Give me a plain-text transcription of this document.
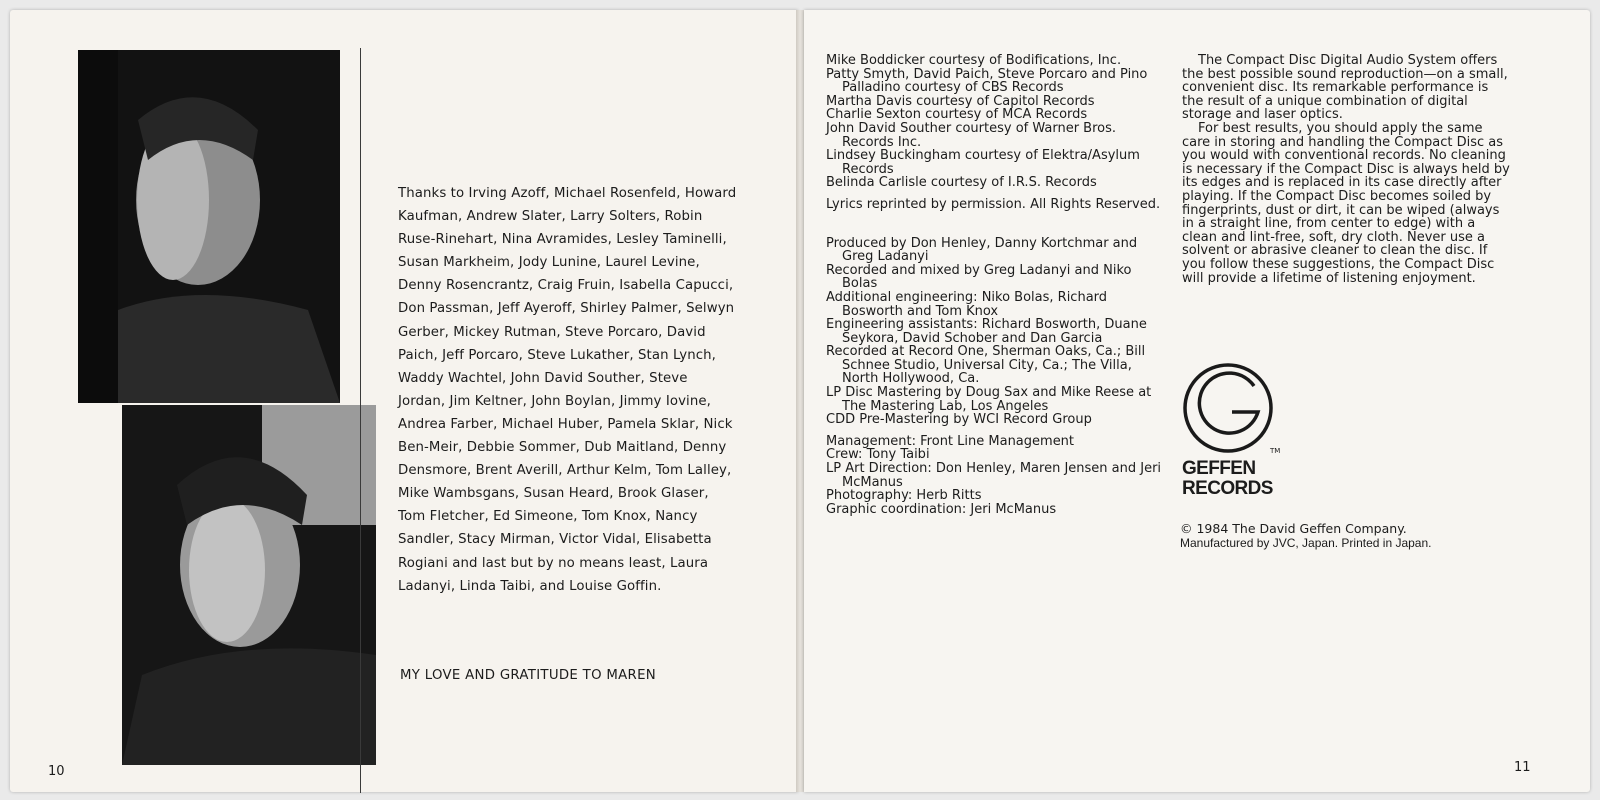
Thanks to Irving Azoff, Michael Rosenfeld, Howard Kaufman, Andrew Slater, Larry Solters, Robin Ruse-Rinehart, Nina Avramides, Lesley Taminelli, Susan Markheim, Jody Lunine, Laurel Levine, Denny Rosencrantz, Craig Fruin, Isabella Capucci, Don Passman, Jeff Ayeroff, Shirley Palmer, Selwyn Gerber, Mickey Rutman, Steve Porcaro, David Paich, Jeff Porcaro, Steve Lukather, Stan Lynch, Waddy Wachtel, John David Souther, Steve Jordan, Jim Keltner, John Boylan, Jimmy Iovine, Andrea Farber, Michael Huber, Pamela Sklar, Nick Ben-Meir, Debbie Sommer, Dub Maitland, Denny Densmore, Brent Averill, Arthur Kelm, Tom Lalley, Mike Wambsgans, Susan Heard, Brook Glaser, Tom Fletcher, Ed Simeone, Tom Knox, Nancy Sandler, Stacy Mirman, Victor Vidal, Elisabetta Rogiani and last but by no means least, Laura Ladanyi, Linda Taibi, and Louise Goffin.
MY LOVE AND GRATITUDE TO MAREN
10

Mike Boddicker courtesy of Bodifications, Inc.

Patty Smyth, David Paich, Steve Porcaro and Pino Palladino courtesy of CBS Records

Martha Davis courtesy of Capitol Records

Charlie Sexton courtesy of MCA Records

John David Souther courtesy of Warner Bros. Records Inc.

Lindsey Buckingham courtesy of Elektra/Asylum Records

Belinda Carlisle courtesy of I.R.S. Records

Lyrics reprinted by permission. All Rights Reserved.

Produced by Don Henley, Danny Kortchmar and Greg Ladanyi

Recorded and mixed by Greg Ladanyi and Niko Bolas

Additional engineering: Niko Bolas, Richard Bosworth and Tom Knox

Engineering assistants: Richard Bosworth, Duane Seykora, David Schober and Dan Garcia

Recorded at Record One, Sherman Oaks, Ca.; Bill Schnee Studio, Universal City, Ca.; The Villa, North Hollywood, Ca.

LP Disc Mastering by Doug Sax and Mike Reese at The Mastering Lab, Los Angeles

CDD Pre-Mastering by WCI Record Group

Management: Front Line Management

Crew: Tony Taibi

LP Art Direction: Don Henley, Maren Jensen and Jeri McManus

Photography: Herb Ritts

Graphic coordination: Jeri McManus

The Compact Disc Digital Audio System offers the best possible sound reproduction—on a small, convenient disc. Its remarkable performance is the result of a unique combination of digital storage and laser optics.

For best results, you should apply the same care in storing and handling the Compact Disc as you would with conventional records. No cleaning is necessary if the Compact Disc is always held by its edges and is replaced in its case directly after playing. If the Compact Disc becomes soiled by fingerprints, dust or dirt, it can be wiped (always in a straight line, from center to edge) with a clean and lint-free, soft, dry cloth. Never use a solvent or abrasive cleaner to clean the disc. If you follow these suggestions, the Compact Disc will provide a lifetime of listening enjoyment.

TM
GEFFEN
RECORDS
© 1984 The David Geffen Company.
Manufactured by JVC, Japan. Printed in Japan.
11
